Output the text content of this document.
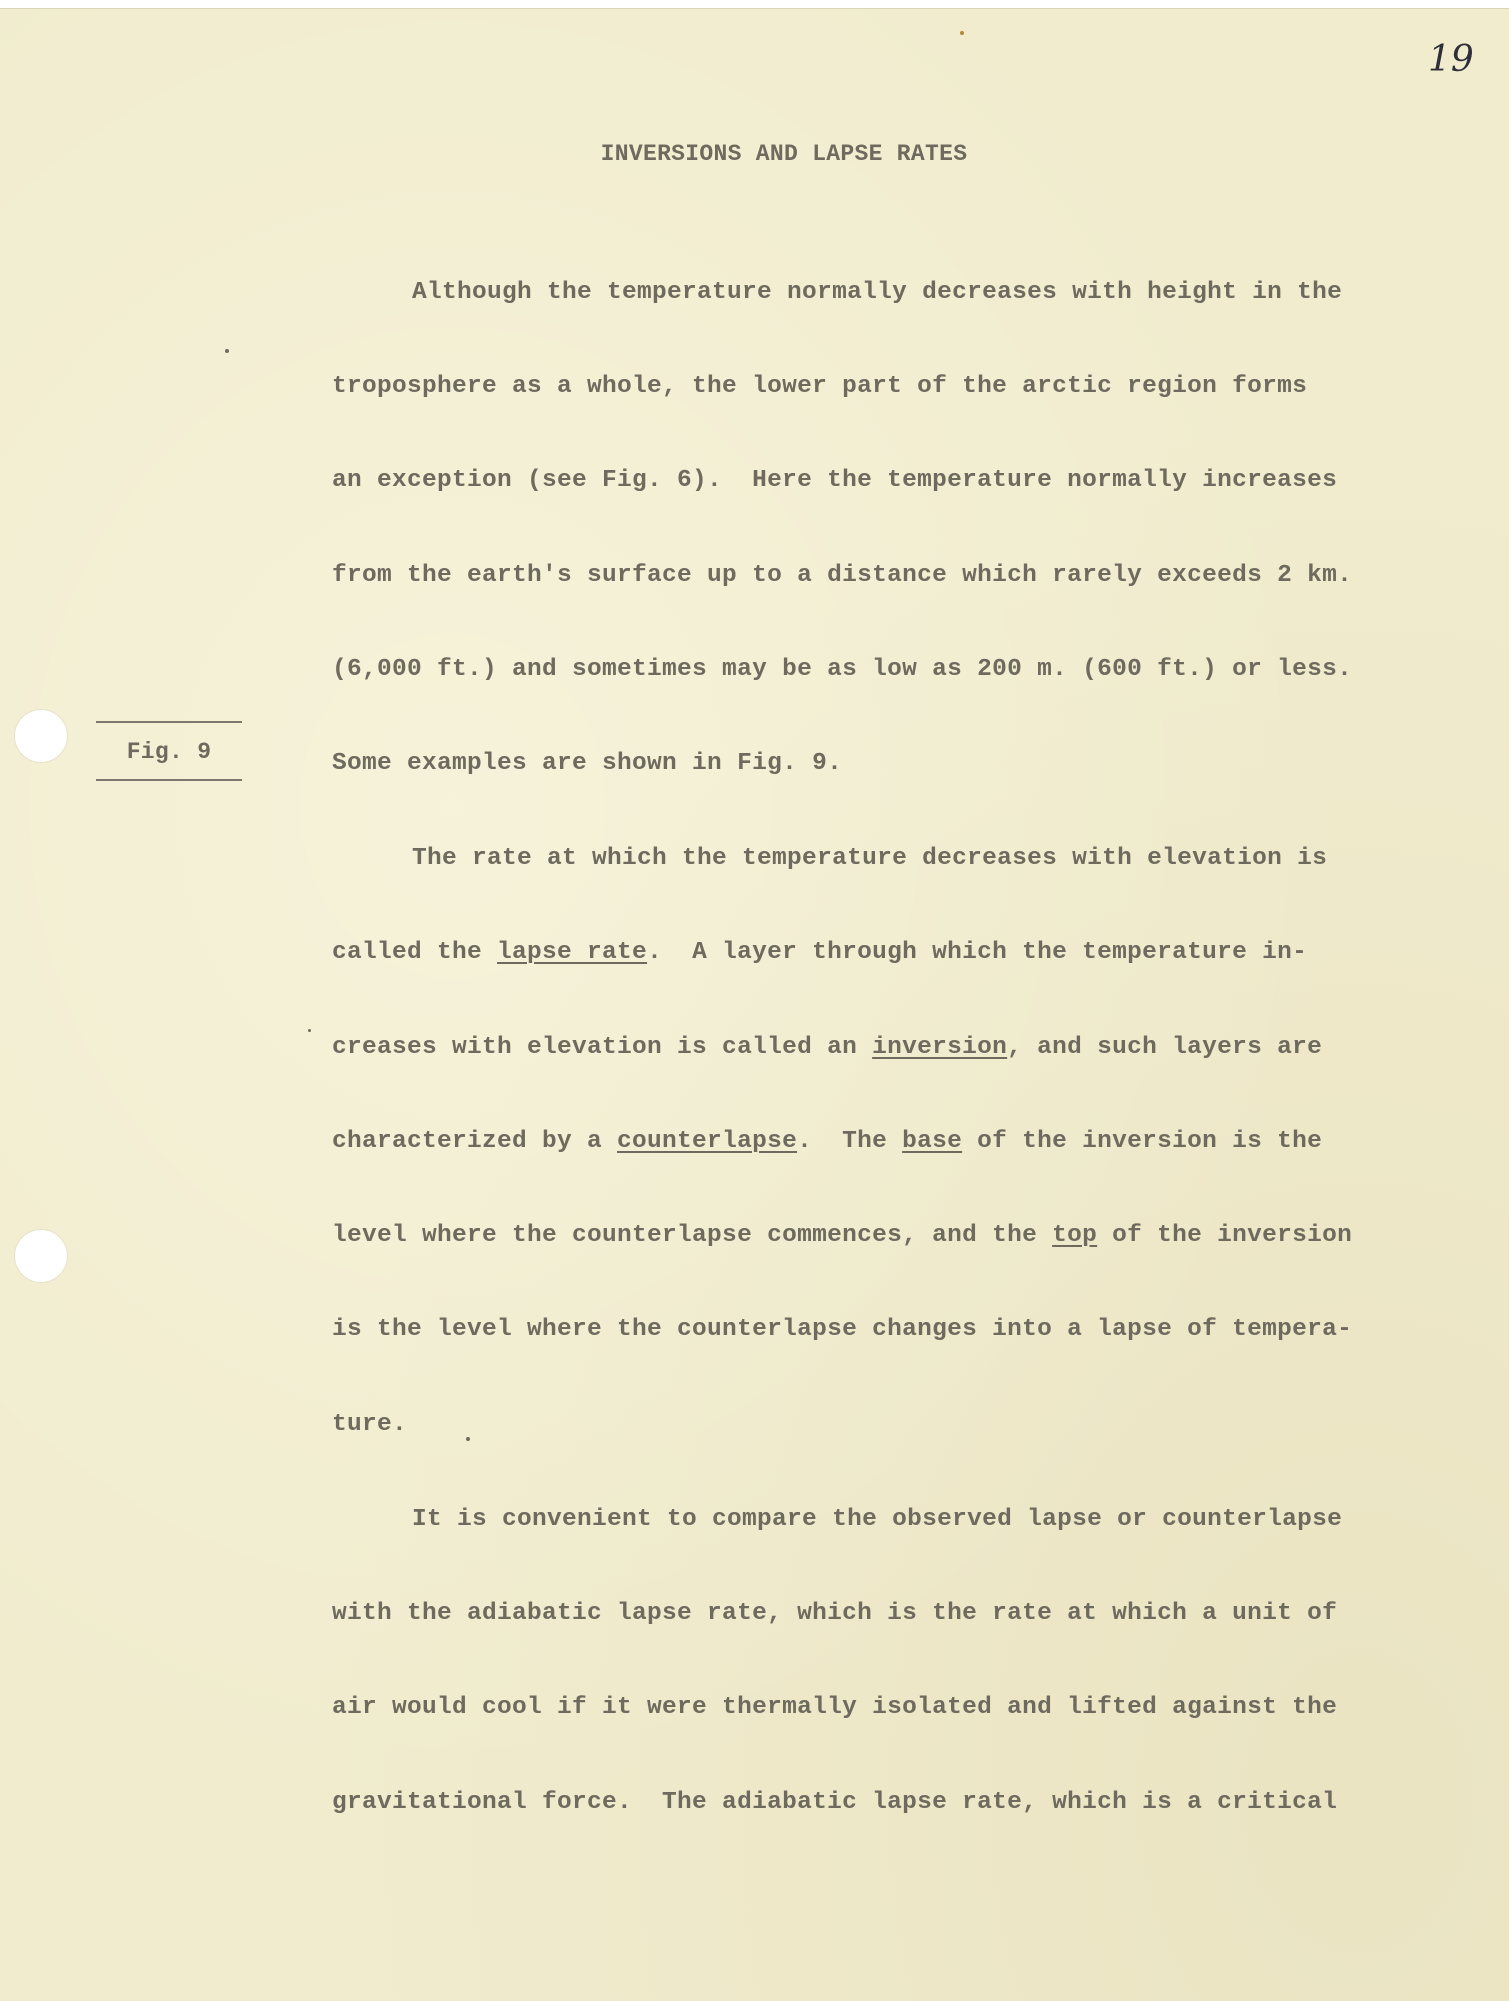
19
INVERSIONS AND LAPSE RATES
Fig. 9
Although the temperature normally decreases with height in the
troposphere as a whole, the lower part of the arctic region forms
an exception (see Fig. 6).  Here the temperature normally increases
from the earth's surface up to a distance which rarely exceeds 2 km.
(6,000 ft.) and sometimes may be as low as 200 m. (600 ft.) or less.
Some examples are shown in Fig. 9.
The rate at which the temperature decreases with elevation is
called the lapse rate.  A layer through which the temperature in-
creases with elevation is called an inversion, and such layers are
characterized by a counterlapse.  The base of the inversion is the
level where the counterlapse commences, and the top of the inversion
is the level where the counterlapse changes into a lapse of tempera-
ture.
It is convenient to compare the observed lapse or counterlapse
with the adiabatic lapse rate, which is the rate at which a unit of
air would cool if it were thermally isolated and lifted against the
gravitational force.  The adiabatic lapse rate, which is a critical
